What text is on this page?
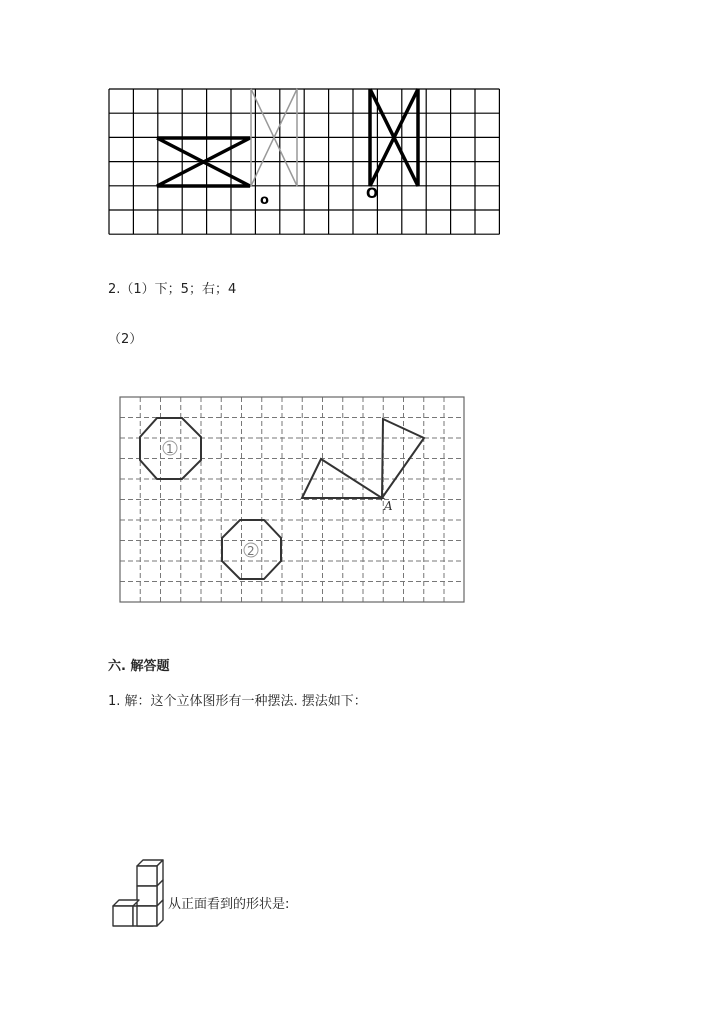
o	O
2.（1）下；5；右；4
（2）
1
2
A
六. 解答题
1. 解：这个立体图形有一种摆法. 摆法如下：
从正面看到的形状是:
